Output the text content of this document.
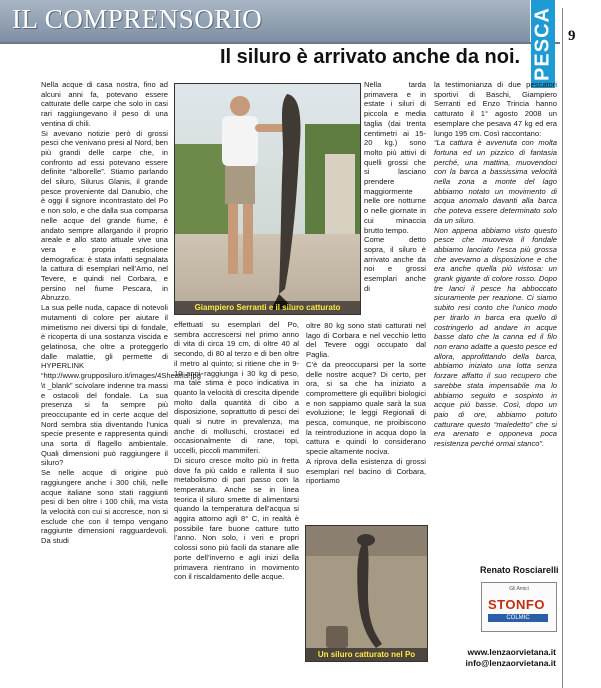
IL COMPRENSORIO	PESCA 9
Il siluro è arrivato anche da noi.

Nella acque di casa nostra, fino ad alcuni anni fa, potevano essere catturate delle carpe che solo in casi rari raggiungevano il peso di una ventina di chili.

Si avevano notizie però di grossi pesci che venivano presi al Nord, ben più grandi delle carpe che, in confronto ad essi potevano essere definite “alborelle”. Stiamo parlando del siluro, Silurus Glanis, il grande pesce proveniente dal Danubio, che è oggi il signore incontrastato del Po e non solo, e che dalla sua comparsa nelle acque del grande fiume, è andato sempre allargando il proprio areale e allo stato attuale vive una vera e propria esplosione demografica: è stata infatti segnalata la cattura di esemplari nell’Arno, nel Tevere, e quindi nel Corbara, e persino nel fiume Pescara, in Abruzzo.

La sua pelle nuda, capace di notevoli mutamenti di colore per aiutare il mimetismo nei diversi tipi di fondale, è ricoperta di una sostanza viscida e gelatinosa, che oltre a proteggerlo dalle malattie, gli permette di HYPERLINK “http://www.grupposiluro.it/images/4Sheatfis.jpg” \t _blank” scivolare indenne tra massi e ostacoli del fondale. La sua presenza si fa sempre più preoccupante ed in certe acque del Nord sembra stia diventando l’unica specie presente e rappresenta quindi una sorta di flagello ambientale. Quali dimensioni può raggiungere il siluro?

Se nelle acque di origine può raggiungere anche i 300 chili, nelle acque italiane sono stati raggiunti pesi di ben oltre i 100 chili, ma vista la velocità con cui si accresce, non si esclude che con il tempo vengano raggiunte dimensioni ragguardevoli. Da studi

Giampiero Serranti e il siluro catturato

effettuati su esemplari del Po, sembra accrescersi nel primo anno di vita di circa 19 cm, di oltre 40 al secondo, di 80 al terzo e di ben oltre il metro al quinto; si ritiene che in 9-10 anni raggiunga i 30 kg di peso, ma tale stima è poco indicativa in quanto la velocità di crescita dipende molto dalla quantità di cibo a disposizione, soprattutto di pesci dei quali si nutre in prevalenza, ma anche di molluschi, crostacei ed occasionalmente di rane, topi, uccelli, piccoli mammiferi.

Di sicuro cresce molto più in fretta dove fa più caldo e rallenta il suo metabolismo di pari passo con la temperatura. Anche se in linea teorica il siluro smette di alimentarsi quando la temperatura dell’acqua si aggira attorno agli 8° C, in realtà è possibile fare buone catture tutto l’anno. Non solo, i veri e propri colossi sono più facili da stanare alle porte dell’inverno e agli inizi della primavera rientrano in movimento con il riscaldamento delle acque.

Nella tarda primavera e in estate i siluri di piccola e media taglia (dai trenta centimetri ai 15-20 kg.) sono molto più attivi di quelli grossi che si lasciano prendere maggiormente nelle ore notturne o nelle giornate in cui minaccia brutto tempo.

Come detto sopra, il siluro è arrivato anche da noi e grossi esemplari anche di

oltre 80 kg sono stati catturati nel lago di Corbara e nel vecchio letto del Tevere oggi occupato dal Paglia.

C’è da preoccuparsi per la sorte delle nostre acque? Di certo, per ora, si sa che ha iniziato a compromettere gli equilibri biologici e non sappiamo quale sarà la sua evoluzione; le leggi Regionali di pesca, comunque, ne proibiscono la reintroduzione in acqua dopo la cattura e quindi lo considerano specie altamente nociva.

A riprova della esistenza di grossi esemplari nel bacino di Corbara, riportiamo

Un siluro catturato nel Po

la testimonianza di due pescatori sportivi di Baschi, Giampiero Serranti ed Enzo Trincia hanno catturato il 1° agosto 2008 un esemplare che pesava 47 kg ed era lungo 195 cm. Così raccontano:

“La cattura è avvenuta con molta fortuna ed un pizzico di fantasia perché, una mattina, muovendoci con la barca a bassissima velocità nella zona a monte del lago abbiamo notato un movimento di acqua anomalo davanti alla barca che poteva essere determinato solo da un siluro.

Non appena abbiamo visto questo pesce che muoveva il fondale abbiamo lanciato l’esca più grossa che avevamo a disposizione e che era anche quella più vistosa: un grank gigante di colore rosso. Dopo tre lanci il pesce ha abboccato sicuramente per reazione. Ci siamo subito resi conto che l’unico modo per tirarlo in barca era quello di costringerlo ad andare in acque basse dato che la canna ed il filo non erano adatte a questo pesce ed allora, approfittando della barca, abbiamo iniziato una lotta senza forzare affatto il suo recupero che sarebbe stata impensabile ma lo abbiamo seguito e sospinto in acque più basse. Così, dopo un paio di ore, abbiamo potuto catturare questo “maledetto” che si era arenato e opponeva poca resistenza perché ormai stanco”.

Renato Rosciarelli
Gli Amici
STONFO
COLMIC
www.lenzaorvietana.it
info@lenzaorvietana.it
